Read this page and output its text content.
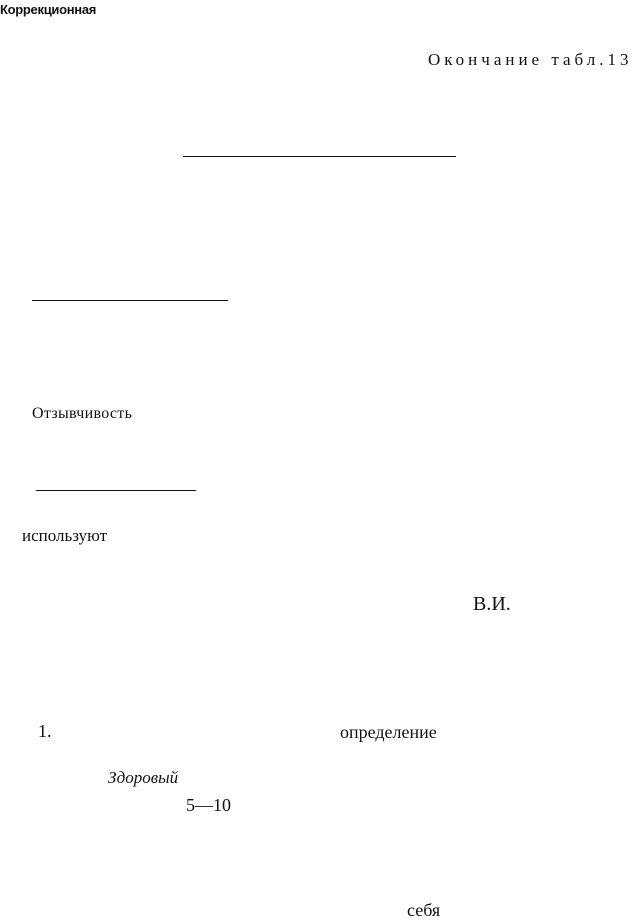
Коррекционная
Окончание табл.13
Отзывчивость
используют
В.И.
1.	определение
Здоровый
5—10
себя
